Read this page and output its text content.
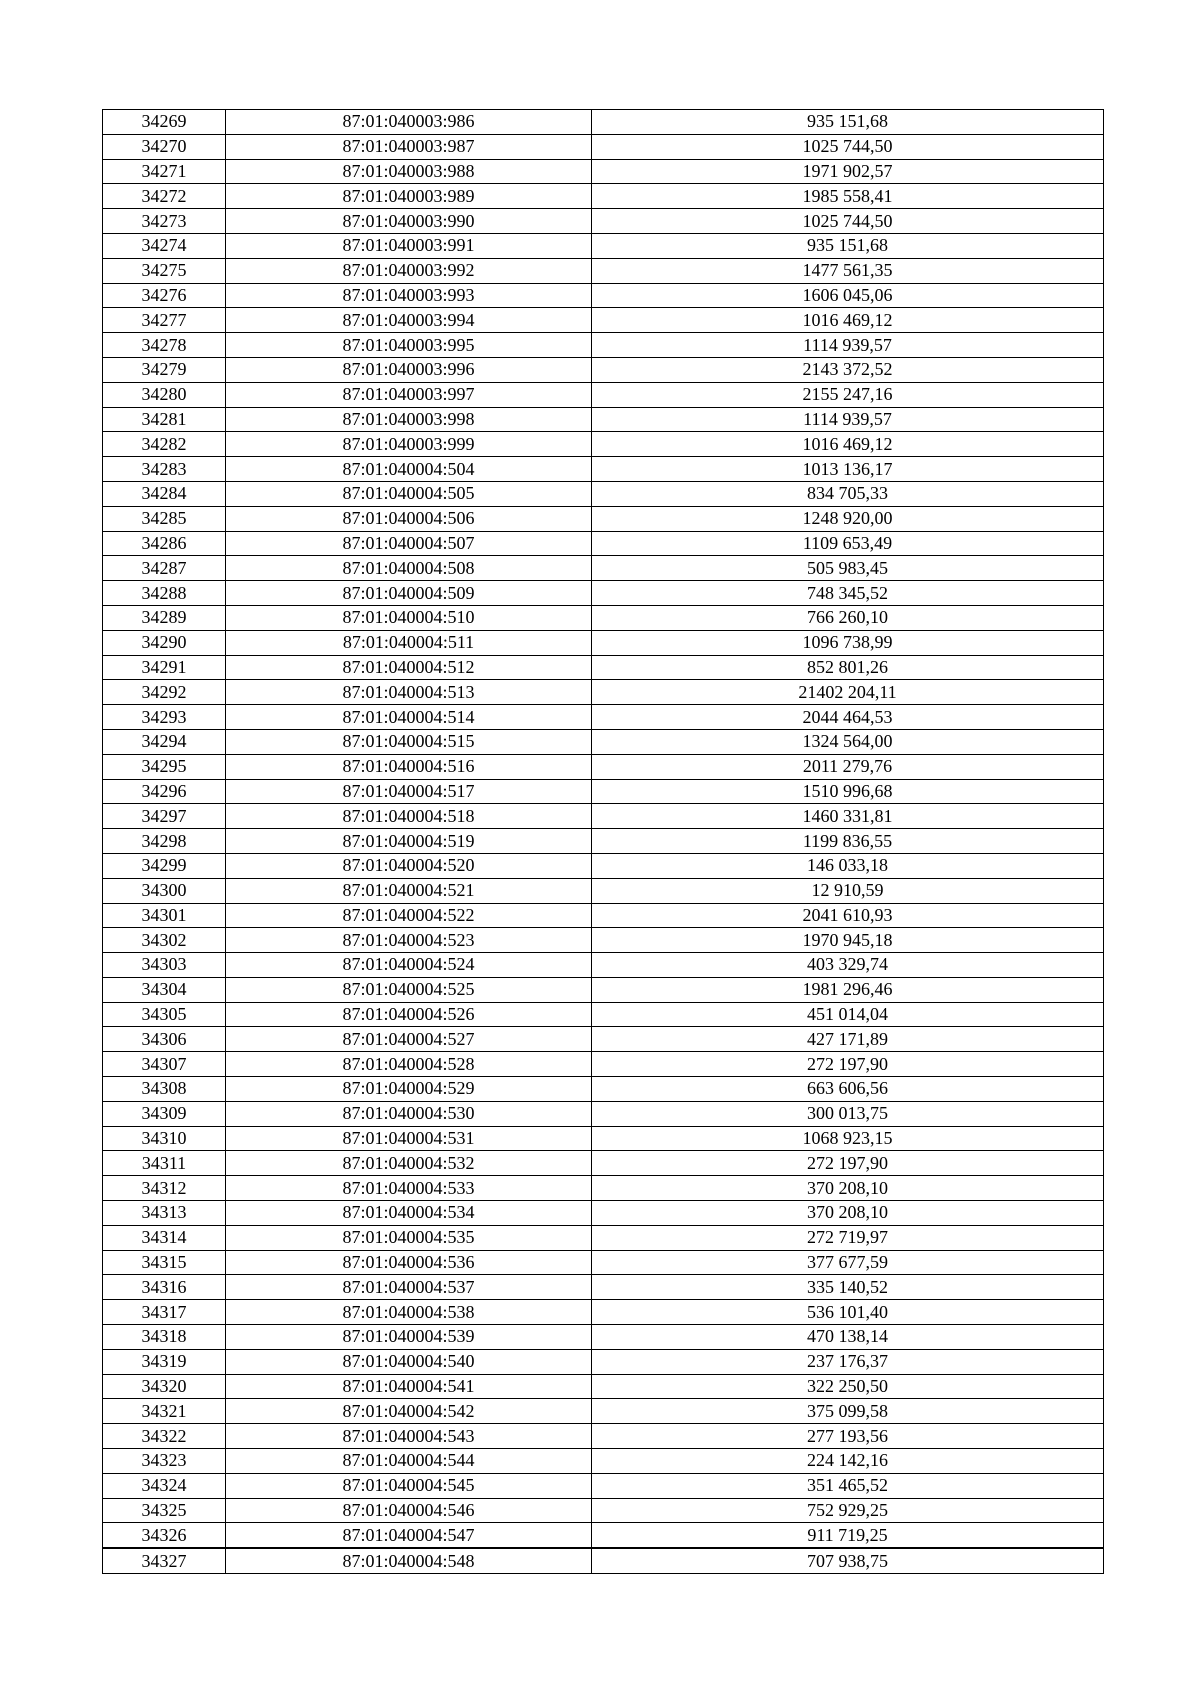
34269	87:01:040003:986	935 151,68
34270	87:01:040003:987	1025 744,50
34271	87:01:040003:988	1971 902,57
34272	87:01:040003:989	1985 558,41
34273	87:01:040003:990	1025 744,50
34274	87:01:040003:991	935 151,68
34275	87:01:040003:992	1477 561,35
34276	87:01:040003:993	1606 045,06
34277	87:01:040003:994	1016 469,12
34278	87:01:040003:995	1114 939,57
34279	87:01:040003:996	2143 372,52
34280	87:01:040003:997	2155 247,16
34281	87:01:040003:998	1114 939,57
34282	87:01:040003:999	1016 469,12
34283	87:01:040004:504	1013 136,17
34284	87:01:040004:505	834 705,33
34285	87:01:040004:506	1248 920,00
34286	87:01:040004:507	1109 653,49
34287	87:01:040004:508	505 983,45
34288	87:01:040004:509	748 345,52
34289	87:01:040004:510	766 260,10
34290	87:01:040004:511	1096 738,99
34291	87:01:040004:512	852 801,26
34292	87:01:040004:513	21402 204,11
34293	87:01:040004:514	2044 464,53
34294	87:01:040004:515	1324 564,00
34295	87:01:040004:516	2011 279,76
34296	87:01:040004:517	1510 996,68
34297	87:01:040004:518	1460 331,81
34298	87:01:040004:519	1199 836,55
34299	87:01:040004:520	146 033,18
34300	87:01:040004:521	12 910,59
34301	87:01:040004:522	2041 610,93
34302	87:01:040004:523	1970 945,18
34303	87:01:040004:524	403 329,74
34304	87:01:040004:525	1981 296,46
34305	87:01:040004:526	451 014,04
34306	87:01:040004:527	427 171,89
34307	87:01:040004:528	272 197,90
34308	87:01:040004:529	663 606,56
34309	87:01:040004:530	300 013,75
34310	87:01:040004:531	1068 923,15
34311	87:01:040004:532	272 197,90
34312	87:01:040004:533	370 208,10
34313	87:01:040004:534	370 208,10
34314	87:01:040004:535	272 719,97
34315	87:01:040004:536	377 677,59
34316	87:01:040004:537	335 140,52
34317	87:01:040004:538	536 101,40
34318	87:01:040004:539	470 138,14
34319	87:01:040004:540	237 176,37
34320	87:01:040004:541	322 250,50
34321	87:01:040004:542	375 099,58
34322	87:01:040004:543	277 193,56
34323	87:01:040004:544	224 142,16
34324	87:01:040004:545	351 465,52
34325	87:01:040004:546	752 929,25
34326	87:01:040004:547	911 719,25
34327	87:01:040004:548	707 938,75
